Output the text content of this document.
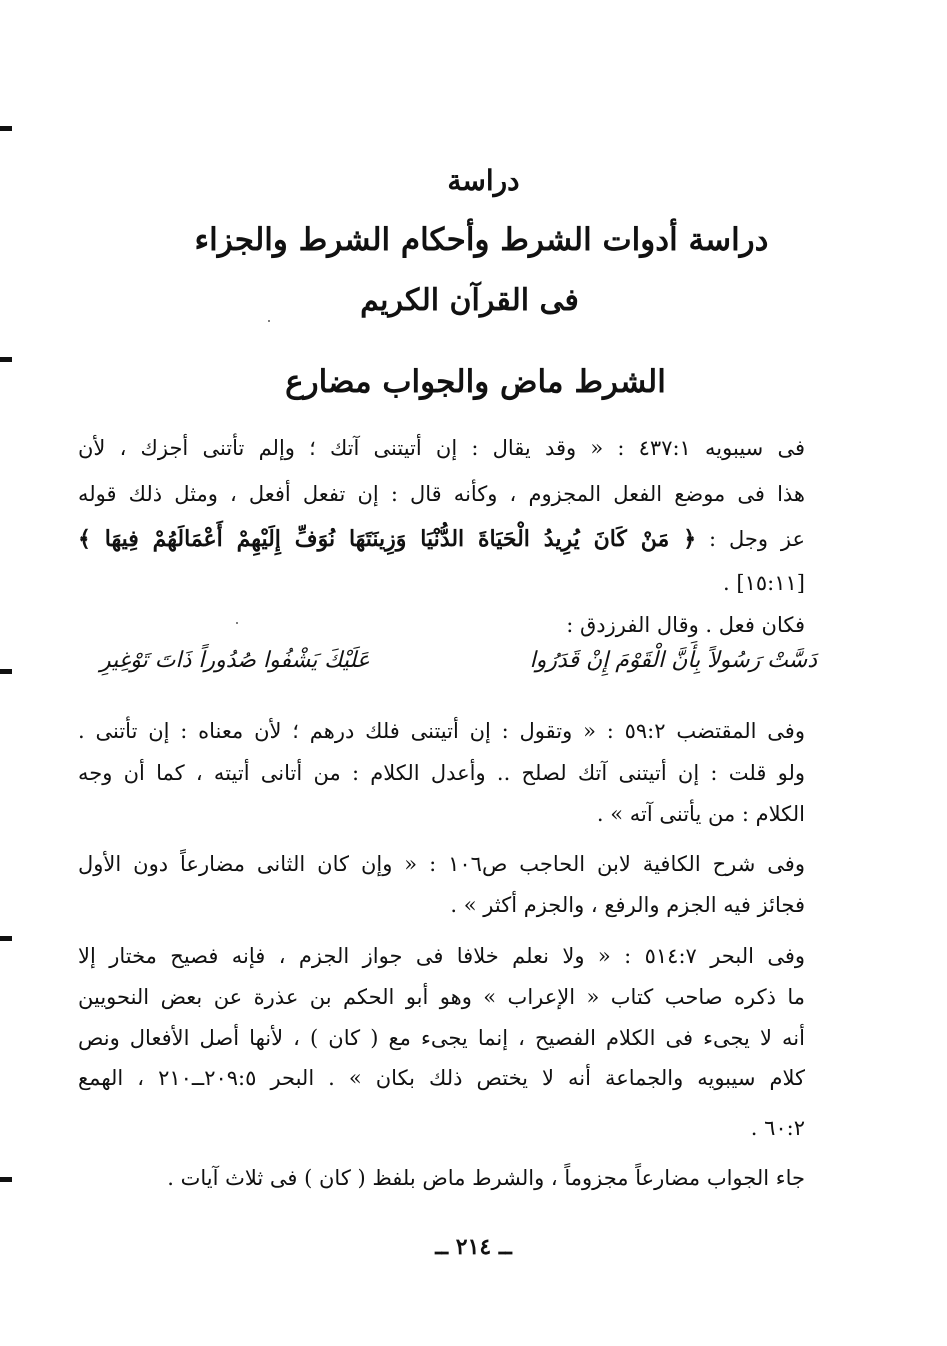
دراسة
دراسة أدوات الشرط وأحكام الشرط والجزاء
فى القرآن الكريم
الشرط ماض والجواب مضارع
فى سيبويه ٤٣٧:١ : « وقد يقال : إن أتيتنى آتك ؛ وإلم تأتنى أجزك ، لأن
هذا فى موضع الفعل المجزوم ، وكأنه قال : إن تفعل أفعل ، ومثل ذلك قوله
عز وجل : ﴿ مَنْ كَانَ يُرِيدُ الْحَيَاةَ الدُّنْيَا وَزِينَتَهَا نُوَفِّ إِلَيْهِمْ أَعْمَالَهُمْ فِيهَا ﴾
[١٥:١١] .
فكان فعل . وقال الفرزدق :
دَسَّتْ رَسُولاً بِأَنَّ الْقَوْمَ إِنْ قَدَرُوا
عَلَيْكَ يَشْفُوا صُدُوراً ذَاتَ تَوْغِيرِ
وفى المقتضب ٥٩:٢ : « وتقول : إن أتيتنى فلك درهم ؛ لأن معناه : إن تأتنى .
ولو قلت : إن أتيتنى آتك لصلح .. وأعدل الكلام : من أتانى أتيته ، كما أن وجه
الكلام : من يأتنى آته » .
وفى شرح الكافية لابن الحاجب ص١٠٦ : « وإن كان الثانى مضارعاً دون الأول
فجائز فيه الجزم والرفع ، والجزم أكثر » .
وفى البحر ٥١٤:٧ : « ولا نعلم خلافا فى جواز الجزم ، فإنه فصيح مختار إلا
ما ذكره صاحب كتاب « الإعراب » وهو أبو الحكم بن عذرة عن بعض النحويين
أنه لا يجىء فى الكلام الفصيح ، إنما يجىء مع ( كان ) ، لأنها أصل الأفعال ونص
كلام سيبويه والجماعة أنه لا يختص ذلك بكان » . البحر ٢٠٩:٥ــ٢١٠ ، الهمع
٦٠:٢ .
جاء الجواب مضارعاً مجزوماً ، والشرط ماض بلفظ ( كان ) فى ثلاث آيات .
ــ ٢١٤ ــ
